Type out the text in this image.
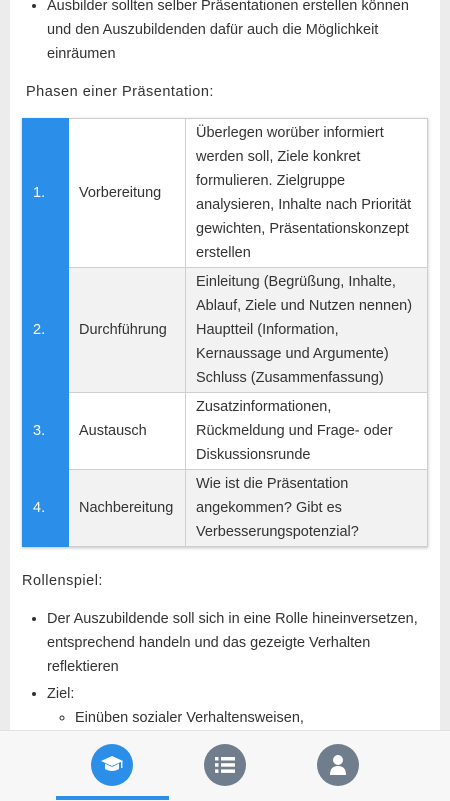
• Ausbilder sollten selber Präsentationen erstellen können und den Auszubildenden dafür auch die Möglichkeit einräumen
Phasen einer Präsentation:
1.	Vorbereitung	Überlegen worüber informiert werden soll, Ziele konkret formulieren. Zielgruppe analysieren, Inhalte nach Priorität gewichten, Präsentationskonzept erstellen
2.	Durchführung	Einleitung (Begrüßung, Inhalte, Ablauf, Ziele und Nutzen nennen) Hauptteil (Information, Kernaussage und Argumente) Schluss (Zusammenfassung)
3.	Austausch	Zusatzinformationen, Rückmeldung und Frage- oder Diskussionsrunde
4.	Nachbereitung	Wie ist die Präsentation angekommen? Gibt es Verbesserungspotenzial?
Rollenspiel:
• Der Auszubildende soll sich in eine Rolle hineinversetzen, entsprechend handeln und das gezeigte Verhalten reflektieren
• Ziel:
◦ Einüben sozialer Verhaltensweisen,
